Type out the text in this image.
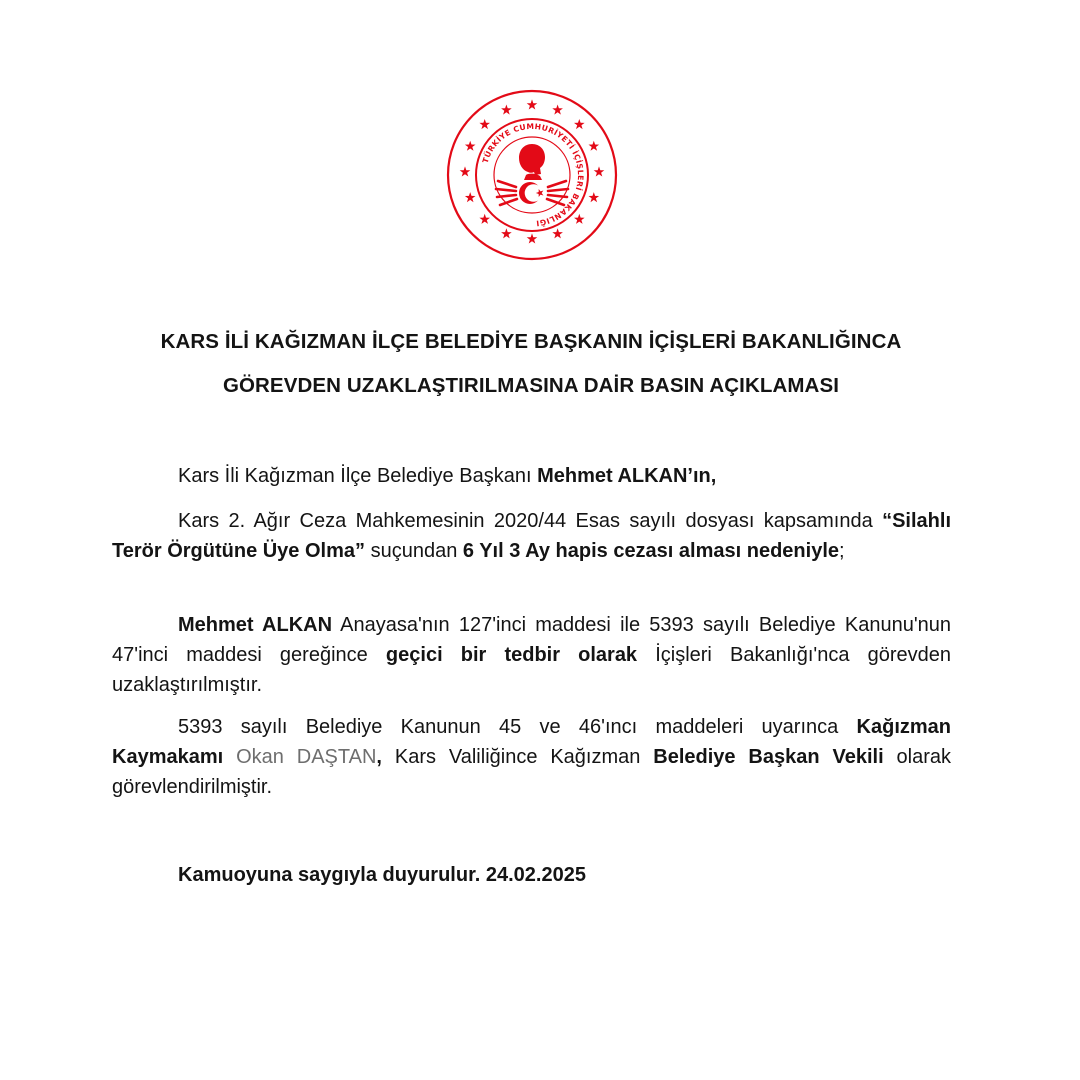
TÜRKİYE CUMHURİYETİ İÇİŞLERİ BAKANLIĞI
KARS İLİ KAĞIZMAN İLÇE BELEDİYE BAŞKANIN İÇİŞLERİ BAKANLIĞINCA
GÖREVDEN UZAKLAŞTIRILMASINA DAİR BASIN AÇIKLAMASI

Kars İli Kağızman İlçe Belediye Başkanı Mehmet ALKAN’ın,

Kars 2. Ağır Ceza Mahkemesinin 2020/44 Esas sayılı dosyası kapsamında “Silahlı Terör Örgütüne Üye Olma” suçundan 6 Yıl 3 Ay hapis cezası alması nedeniyle;

Mehmet ALKAN Anayasa'nın 127'inci maddesi ile 5393 sayılı Belediye Kanunu'nun 47'inci maddesi gereğince geçici bir tedbir olarak İçişleri Bakanlığı'nca görevden uzaklaştırılmıştır.

5393 sayılı Belediye Kanunun 45 ve 46'ıncı maddeleri uyarınca Kağızman Kaymakamı Okan DAŞTAN, Kars Valiliğince Kağızman Belediye Başkan Vekili olarak görevlendirilmiştir.

Kamuoyuna saygıyla duyurulur. 24.02.2025
